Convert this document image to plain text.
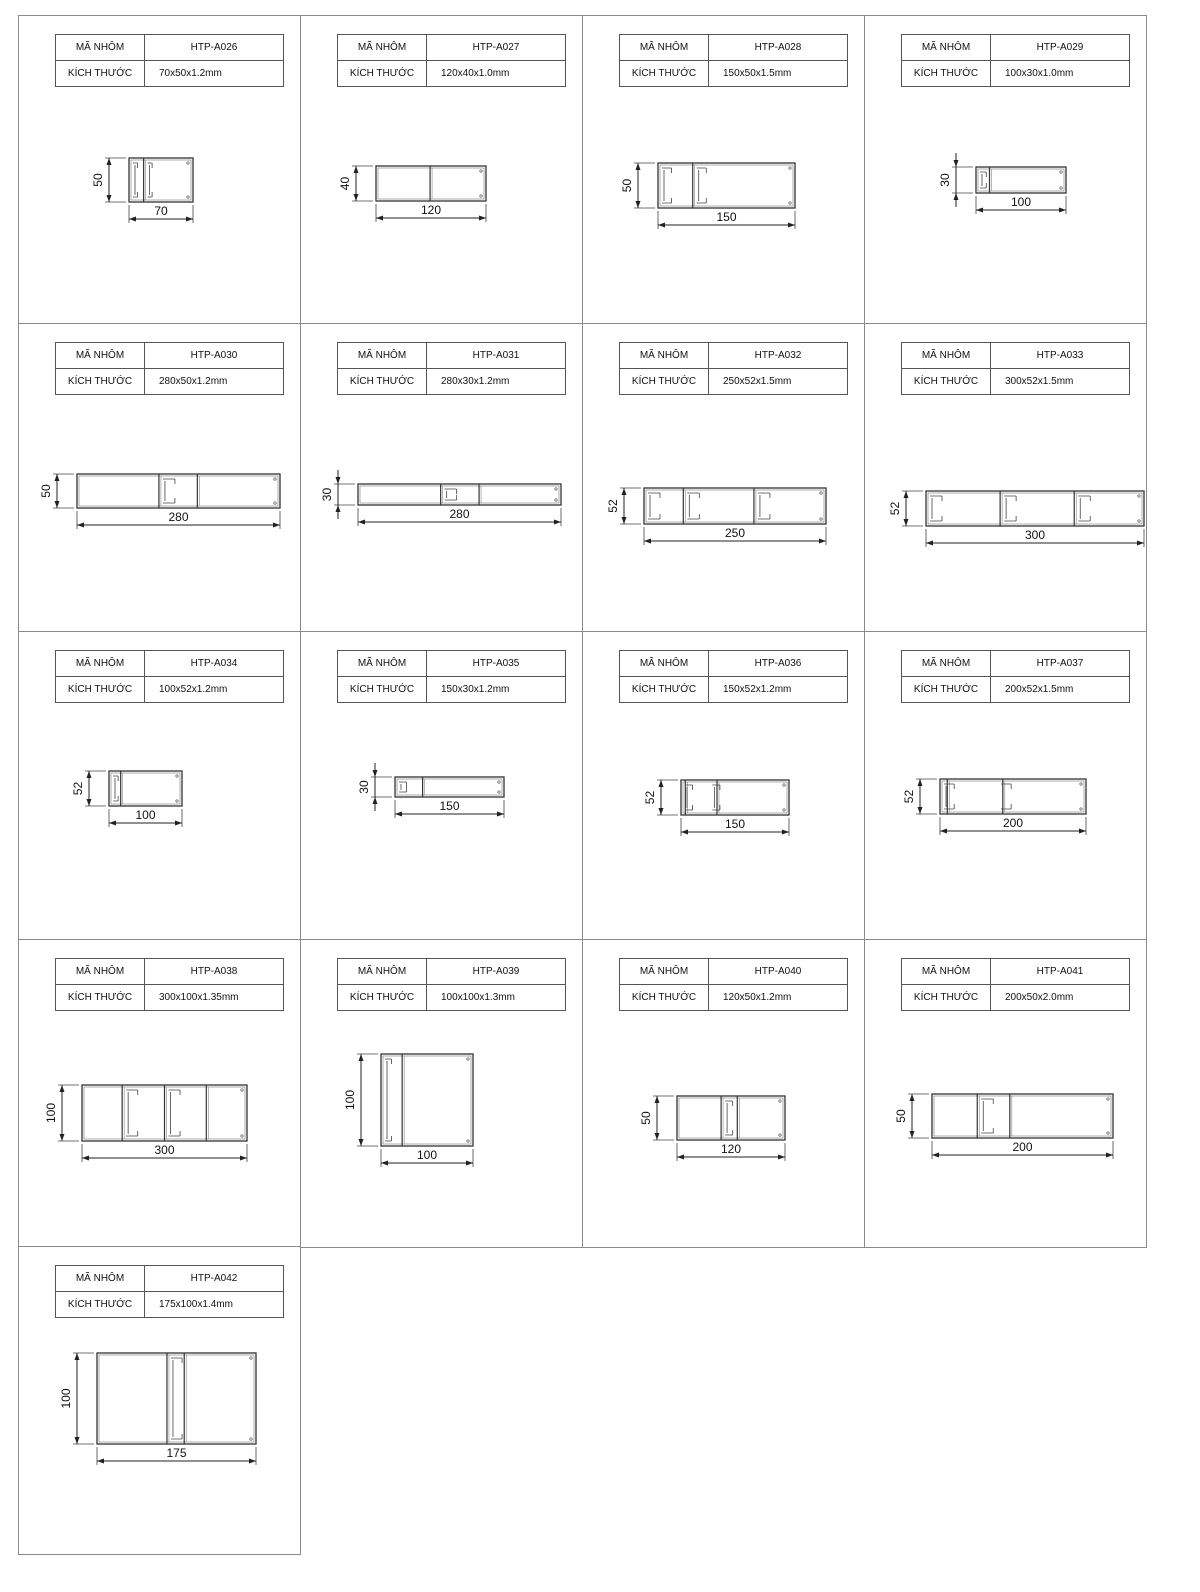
MÃ NHÔM	HTP-A026
KÍCH THƯỚC	70x50x1.2mm
70
50
MÃ NHÔM	HTP-A027
KÍCH THƯỚC	120x40x1.0mm
120
40
MÃ NHÔM	HTP-A028
KÍCH THƯỚC	150x50x1.5mm
150
50
MÃ NHÔM	HTP-A029
KÍCH THƯỚC	100x30x1.0mm
100
30
MÃ NHÔM	HTP-A030
KÍCH THƯỚC	280x50x1.2mm
280
50
MÃ NHÔM	HTP-A031
KÍCH THƯỚC	280x30x1.2mm
280
30
MÃ NHÔM	HTP-A032
KÍCH THƯỚC	250x52x1.5mm
250
52
MÃ NHÔM	HTP-A033
KÍCH THƯỚC	300x52x1.5mm
300
52
MÃ NHÔM	HTP-A034
KÍCH THƯỚC	100x52x1.2mm
100
52
MÃ NHÔM	HTP-A035
KÍCH THƯỚC	150x30x1.2mm
150
30
MÃ NHÔM	HTP-A036
KÍCH THƯỚC	150x52x1.2mm
150
52
MÃ NHÔM	HTP-A037
KÍCH THƯỚC	200x52x1.5mm
200
52
MÃ NHÔM	HTP-A038
KÍCH THƯỚC	300x100x1.35mm
300
100
MÃ NHÔM	HTP-A039
KÍCH THƯỚC	100x100x1.3mm
100
100
MÃ NHÔM	HTP-A040
KÍCH THƯỚC	120x50x1.2mm
120
50
MÃ NHÔM	HTP-A041
KÍCH THƯỚC	200x50x2.0mm
200
50
MÃ NHÔM	HTP-A042
KÍCH THƯỚC	175x100x1.4mm
175
100
